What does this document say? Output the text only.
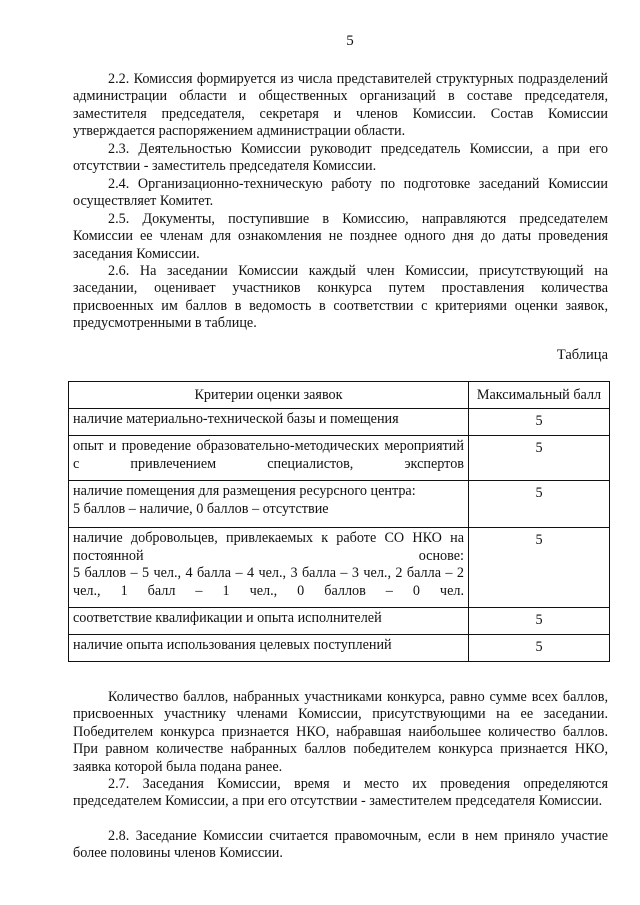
5

2.2. Комиссия формируется из числа представителей структурных подразделений администрации области и общественных организаций в составе председателя, заместителя председателя, секретаря и членов Комиссии. Состав Комиссии утверждается распоряжением администрации области.

2.3. Деятельностью Комиссии руководит председатель Комиссии, а при его отсутствии - заместитель председателя Комиссии.

2.4. Организационно-техническую работу по подготовке заседаний Комиссии осуществляет Комитет.

2.5. Документы, поступившие в Комиссию, направляются председателем Комиссии ее членам для ознакомления не позднее одного дня до даты проведения заседания Комиссии.

2.6. На заседании Комиссии каждый член Комиссии, присутствующий на заседании, оценивает участников конкурса путем проставления количества присвоенных им баллов в ведомость в соответствии с критериями оценки заявок, предусмотренными в таблице.

Таблица
Критерии оценки заявок	Максимальный балл
наличие материально-технической базы и помещения	5
опыт и проведение образовательно-методических мероприятий с привлечением специалистов, экспертов	5

наличие помещения для размещения ресурсного центра:
5 баллов – наличие, 0 баллов – отсутствие	5

наличие добровольцев, привлекаемых к работе СО НКО на постоянной основе:
5 баллов – 5 чел., 4 балла – 4 чел., 3 балла – 3 чел., 2 балла – 2 чел., 1 балл – 1 чел., 0 баллов – 0 чел.	5
соответствие квалификации и опыта исполнителей	5
наличие опыта использования целевых поступлений	5

Количество баллов, набранных участниками конкурса, равно сумме всех баллов, присвоенных участнику членами Комиссии, присутствующими на ее заседании. Победителем конкурса признается НКО, набравшая наибольшее количество баллов. При равном количестве набранных баллов победителем конкурса признается НКО, заявка которой была подана ранее.

2.7. Заседания Комиссии, время и место их проведения определяются председателем Комиссии, а при его отсутствии - заместителем председателя Комиссии.

2.8. Заседание Комиссии считается правомочным, если в нем приняло участие более половины членов Комиссии.
